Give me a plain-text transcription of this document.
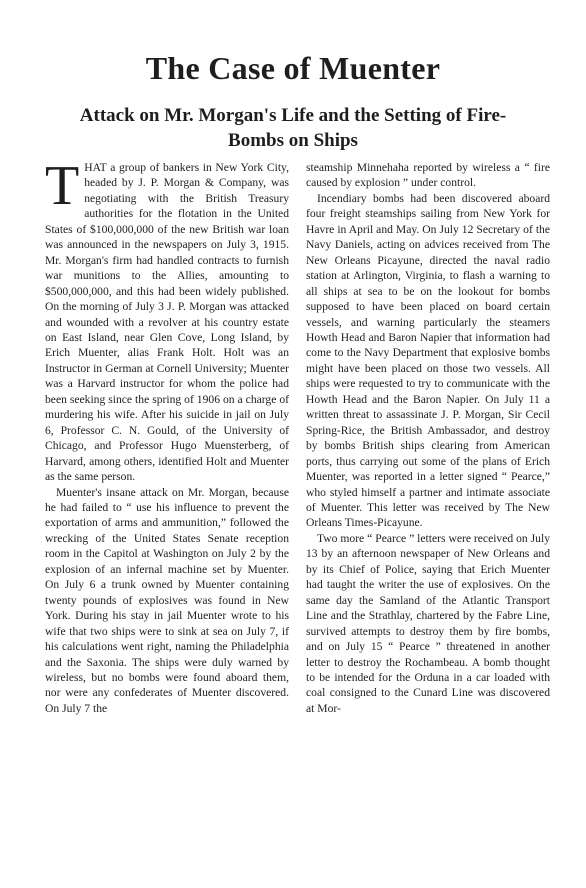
The Case of Muenter
Attack on Mr. Morgan's Life and the Setting of Fire-Bombs on Ships

THAT a group of bankers in New York City, headed by J. P. Morgan & Company, was negotiating with the British Treasury authorities for the flotation in the United States of $100,000,000 of the new British war loan was announced in the newspapers on July 3, 1915. Mr. Morgan's firm had handled contracts to furnish war munitions to the Allies, amounting to $500,000,000, and this had been widely published. On the morning of July 3 J. P. Morgan was attacked and wounded with a revolver at his country estate on East Island, near Glen Cove, Long Island, by Erich Muenter, alias Frank Holt. Holt was an Instructor in German at Cornell University; Muenter was a Harvard instructor for whom the police had been seeking since the spring of 1906 on a charge of murdering his wife. After his suicide in jail on July 6, Professor C. N. Gould, of the University of Chicago, and Professor Hugo Muensterberg, of Harvard, among others, identified Holt and Muenter as the same person.

Muenter's insane attack on Mr. Morgan, because he had failed to “ use his influence to prevent the exportation of arms and ammunition,” followed the wrecking of the United States Senate reception room in the Capitol at Washington on July 2 by the explosion of an infernal machine set by Muenter. On July 6 a trunk owned by Muenter containing twenty pounds of explosives was found in New York. During his stay in jail Muenter wrote to his wife that two ships were to sink at sea on July 7, if his calculations went right, naming the Philadelphia and the Saxonia. The ships were duly warned by wireless, but no bombs were found aboard them, nor were any confederates of Muenter discovered. On July 7 the

steamship Minnehaha reported by wireless a “ fire caused by explosion ” under control.

Incendiary bombs had been discovered aboard four freight steamships sailing from New York for Havre in April and May. On July 12 Secretary of the Navy Daniels, acting on advices received from The New Orleans Picayune, directed the naval radio station at Arlington, Virginia, to flash a warning to all ships at sea to be on the lookout for bombs supposed to have been placed on board certain vessels, and warning particularly the steamers Howth Head and Baron Napier that information had come to the Navy Department that explosive bombs might have been placed on those two vessels. All ships were requested to try to communicate with the Howth Head and the Baron Napier. On July 11 a written threat to assassinate J. P. Morgan, Sir Cecil Spring-Rice, the British Ambassador, and destroy by bombs British ships clearing from American ports, thus carrying out some of the plans of Erich Muenter, was reported in a letter signed “ Pearce,” who styled himself a partner and intimate associate of Muenter. This letter was received by The New Orleans Times-Picayune.

Two more “ Pearce ” letters were received on July 13 by an afternoon newspaper of New Orleans and by its Chief of Police, saying that Erich Muenter had taught the writer the use of explosives. On the same day the Samland of the Atlantic Transport Line and the Strathlay, chartered by the Fabre Line, survived attempts to destroy them by fire bombs, and on July 15 “ Pearce ” threatened in another letter to destroy the Rochambeau. A bomb thought to be intended for the Orduna in a car loaded with coal consigned to the Cunard Line was discovered at Mor-
